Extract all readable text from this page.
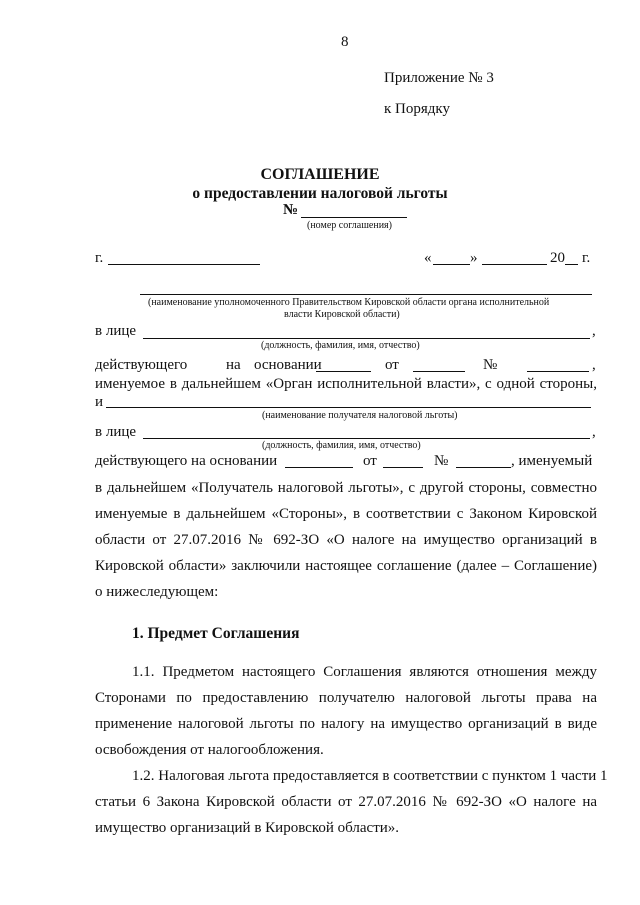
8
Приложение № 3
к Порядку
СОГЛАШЕНИЕ
о предоставлении налоговой льготы
№
(номер соглашения)
г.	«	»	20 г.
(наименование уполномоченного Правительством Кировской области органа исполнительной
власти Кировской области)
в лице	,
(должность, фамилия, имя, отчество)
действующего	на основании	от	№	,
именуемое в дальнейшем «Орган исполнительной власти», с одной стороны,
и
(наименование получателя налоговой льготы)
в лице	,
(должность, фамилия, имя, отчество)
действующего на основании	от	№	, именуемый
в дальнейшем «Получатель налоговой льготы», с другой стороны, совместно
именуемые в дальнейшем «Стороны», в соответствии с Законом Кировской
области от 27.07.2016 № 692-ЗО «О налоге на имущество организаций в
Кировской области» заключили настоящее соглашение (далее – Соглашение)
о нижеследующем:
1. Предмет Соглашения
1.1. Предметом настоящего Соглашения являются отношения между
Сторонами по предоставлению получателю налоговой льготы права на
применение налоговой льготы по налогу на имущество организаций в виде
освобождения от налогообложения.
1.2. Налоговая льгота предоставляется в соответствии с пунктом 1 части 1
статьи 6 Закона Кировской области от 27.07.2016 № 692-ЗО «О налоге на
имущество организаций в Кировской области».
